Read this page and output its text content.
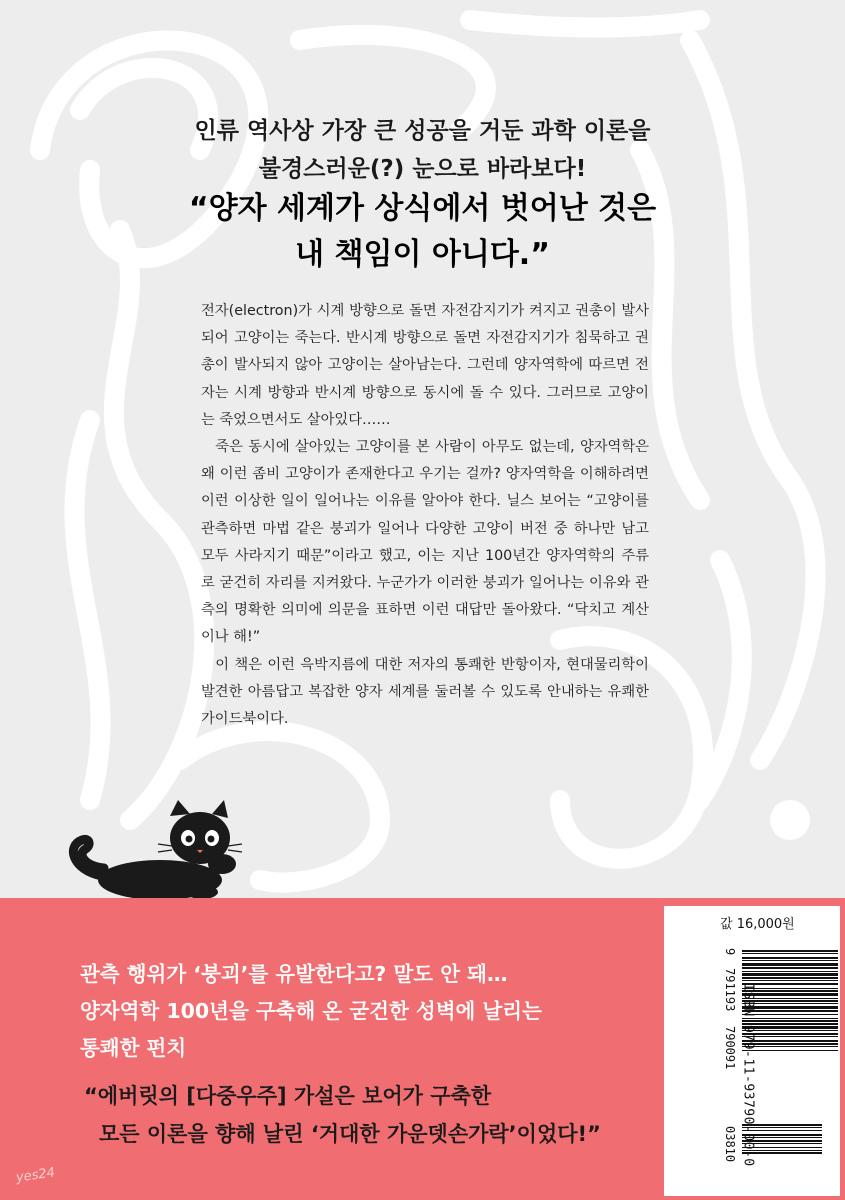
인류 역사상 가장 큰 성공을 거둔 과학 이론을
불경스러운(?) 눈으로 바라보다!
“양자 세계가 상식에서 벗어난 것은
내 책임이 아니다.”

전자(electron)가 시계 방향으로 돌면 자전감지기가 켜지고 권총이 발사되어 고양이는 죽는다. 반시계 방향으로 돌면 자전감지기가 침묵하고 권총이 발사되지 않아 고양이는 살아남는다. 그런데 양자역학에 따르면 전자는 시계 방향과 반시계 방향으로 동시에 돌 수 있다. 그러므로 고양이는 죽었으면서도 살아있다……

죽은 동시에 살아있는 고양이를 본 사람이 아무도 없는데, 양자역학은 왜 이런 좀비 고양이가 존재한다고 우기는 걸까? 양자역학을 이해하려면 이런 이상한 일이 일어나는 이유를 알아야 한다. 닐스 보어는 “고양이를 관측하면 마법 같은 붕괴가 일어나 다양한 고양이 버전 중 하나만 남고 모두 사라지기 때문”이라고 했고, 이는 지난 100년간 양자역학의 주류로 굳건히 자리를 지켜왔다. 누군가가 이러한 붕괴가 일어나는 이유와 관측의 명확한 의미에 의문을 표하면 이런 대답만 돌아왔다. “닥치고 계산이나 해!”

이 책은 이런 윽박지름에 대한 저자의 통쾌한 반항이자, 현대물리학이 발견한 아름답고 복잡한 양자 세계를 둘러볼 수 있도록 안내하는 유쾌한 가이드북이다.

관측 행위가 ‘붕괴’를 유발한다고? 말도 안 돼…
양자역학 100년을 구축해 온 굳건한 성벽에 날리는
통쾌한 펀치
“에버릿의 [다중우주] 가설은 보어가 구축한
모든 이론을 향해 날린 ‘거대한 가운뎃손가락’이었다!”
값 16,000원
9
791193
790091
03810 ISBN 979-11-93790-00-0
yes24
